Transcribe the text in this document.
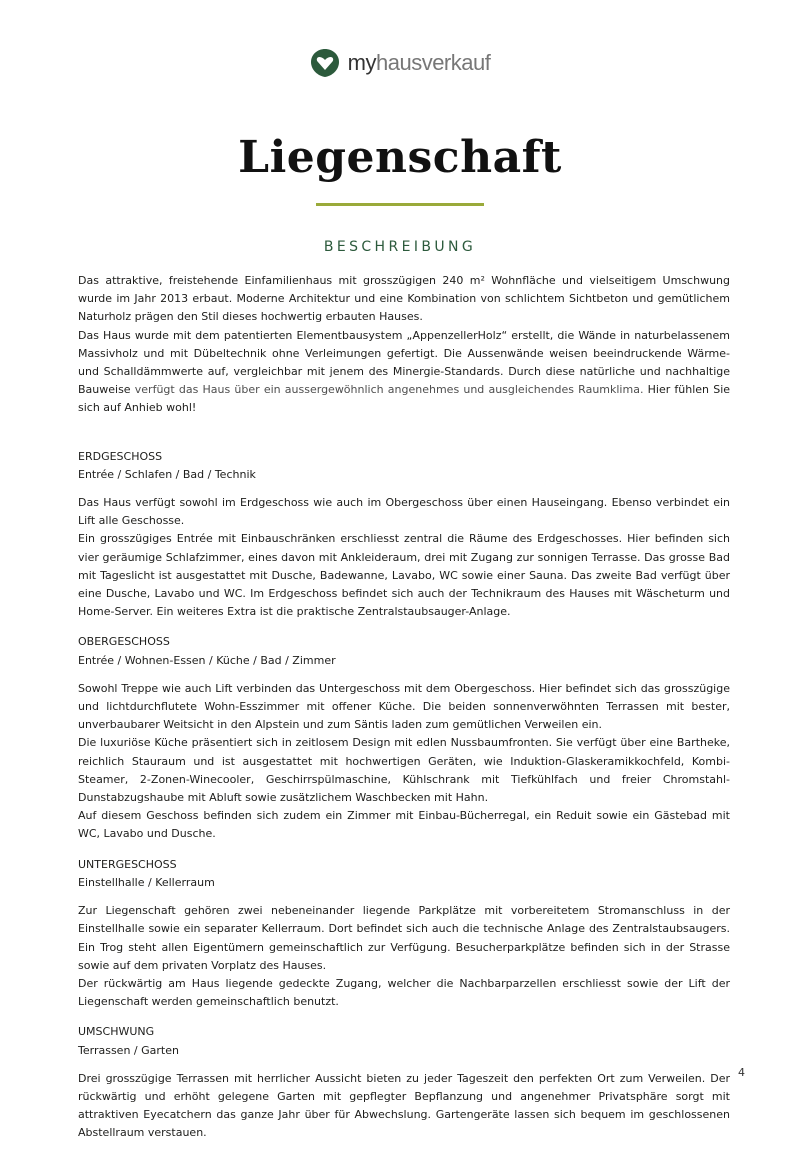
myhausverkauf
Liegenschaft
BESCHREIBUNG

Das attraktive, freistehende Einfamilienhaus mit grosszügigen 240 m² Wohnfläche und vielseitigem Umschwung wurde im Jahr 2013 erbaut. Moderne Architektur und eine Kombination von schlichtem Sichtbeton und gemütlichem Naturholz prägen den Stil dieses hochwertig erbauten Hauses.

Das Haus wurde mit dem patentierten Elementbausystem „AppenzellerHolz“ erstellt, die Wände in naturbelassenem Massivholz und mit Dübeltechnik ohne Verleimungen gefertigt. Die Aussenwände weisen beeindruckende Wärme- und Schalldämmwerte auf, vergleichbar mit jenem des Minergie-Standards. Durch diese natürliche und nachhaltige Bauweise verfügt das Haus über ein aussergewöhnlich angenehmes und ausgleichendes Raumklima. Hier fühlen Sie sich auf Anhieb wohl!

ERDGESCHOSS
Entrée / Schlafen / Bad / Technik

Das Haus verfügt sowohl im Erdgeschoss wie auch im Obergeschoss über einen Hauseingang. Ebenso verbindet ein Lift alle Geschosse.

Ein grosszügiges Entrée mit Einbauschränken erschliesst zentral die Räume des Erdgeschosses. Hier befinden sich vier geräumige Schlafzimmer, eines davon mit Ankleideraum, drei mit Zugang zur sonnigen Terrasse. Das grosse Bad mit Tageslicht ist ausgestattet mit Dusche, Badewanne, Lavabo, WC sowie einer Sauna. Das zweite Bad verfügt über eine Dusche, Lavabo und WC. Im Erdgeschoss befindet sich auch der Technikraum des Hauses mit Wäscheturm und Home-Server. Ein weiteres Extra ist die praktische Zentralstaubsauger-Anlage.

OBERGESCHOSS
Entrée / Wohnen-Essen / Küche / Bad / Zimmer

Sowohl Treppe wie auch Lift verbinden das Untergeschoss mit dem Obergeschoss. Hier befindet sich das grosszügige und lichtdurchflutete Wohn-Esszimmer mit offener Küche. Die beiden sonnenverwöhnten Terrassen mit bester, unverbaubarer Weitsicht in den Alpstein und zum Säntis laden zum gemütlichen Verweilen ein.

Die luxuriöse Küche präsentiert sich in zeitlosem Design mit edlen Nussbaumfronten. Sie verfügt über eine Bartheke, reichlich Stauraum und ist ausgestattet mit hochwertigen Geräten, wie Induktion-Glaskeramikkochfeld, Kombi-Steamer, 2-Zonen-Winecooler, Geschirrspülmaschine, Kühlschrank mit Tiefkühlfach und freier Chromstahl-Dunstabzugshaube mit Abluft sowie zusätzlichem Waschbecken mit Hahn.

Auf diesem Geschoss befinden sich zudem ein Zimmer mit Einbau-Bücherregal, ein Reduit sowie ein Gästebad mit WC, Lavabo und Dusche.

UNTERGESCHOSS
Einstellhalle / Kellerraum

Zur Liegenschaft gehören zwei nebeneinander liegende Parkplätze mit vorbereitetem Stromanschluss in der Einstellhalle sowie ein separater Kellerraum. Dort befindet sich auch die technische Anlage des Zentralstaubsaugers. Ein Trog steht allen Eigentümern gemeinschaftlich zur Verfügung. Besucherparkplätze befinden sich in der Strasse sowie auf dem privaten Vorplatz des Hauses.

Der rückwärtig am Haus liegende gedeckte Zugang, welcher die Nachbarparzellen erschliesst sowie der Lift der Liegenschaft werden gemeinschaftlich benutzt.

UMSCHWUNG
Terrassen / Garten

Drei grosszügige Terrassen mit herrlicher Aussicht bieten zu jeder Tageszeit den perfekten Ort zum Verweilen. Der rückwärtig und erhöht gelegene Garten mit gepflegter Bepflanzung und angenehmer Privatsphäre sorgt mit attraktiven Eyecatchern das ganze Jahr über für Abwechslung. Gartengeräte lassen sich bequem im geschlossenen Abstellraum verstauen.

4
